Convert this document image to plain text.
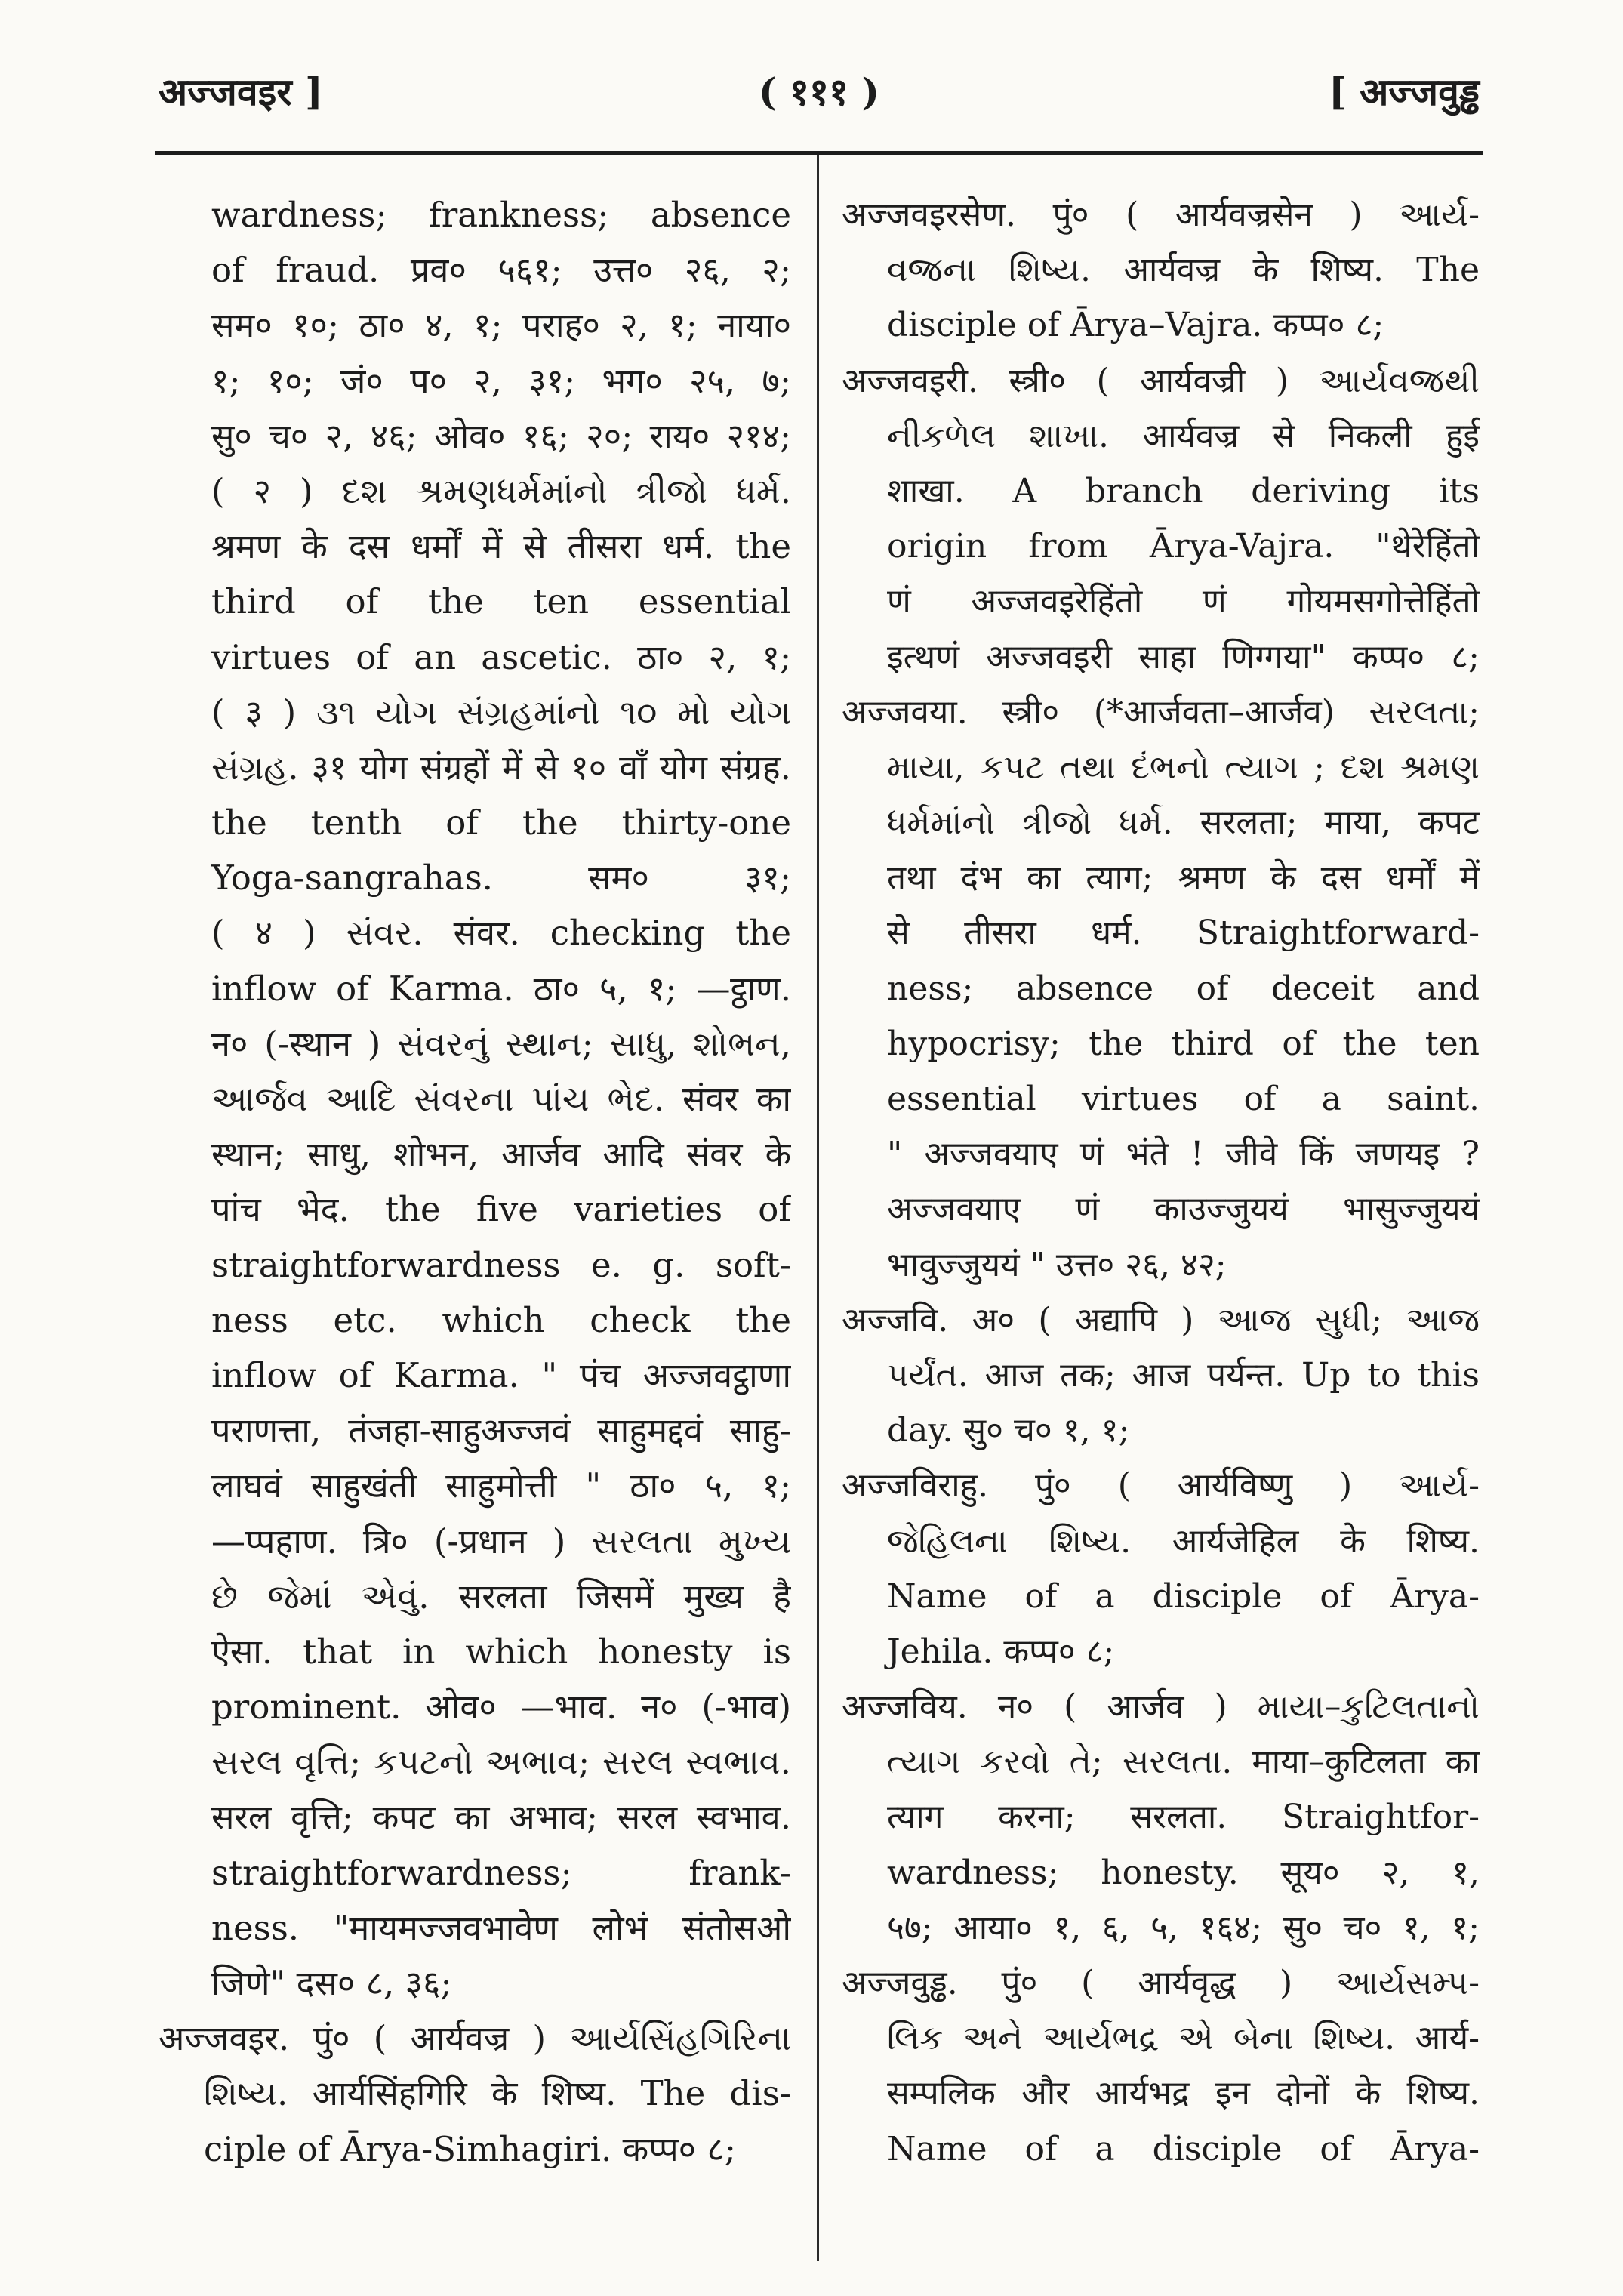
अज्जवइर ]	( १११ )	[ अज्जवुड्ढ
wardness; frankness; absence
of fraud. प्रव० ५६१; उत्त० २६, २;
सम० १०; ठा० ४, १; पराह० २, १; नाया०
१; १०; जं० प० २, ३१; भग० २५, ७;
सु० च० २, ४६; ओव० १६; २०; राय० २१४;
( २ ) દશ શ્રમણધર્મમાંનો ત્રીજો ધર્મ.
श्रमण के दस धर्मों में से तीसरा धर्म. the
third of the ten essential
virtues of an ascetic. ठा० २, १;
( ३ ) ૩૧ યોગ સંગ્રહમાંનો ૧૦ મો યોગ
સંગ્રહ. ३१ योग संग्रहों में से १० वाँ योग संग्रह.
the tenth of the thirty-one
Yoga-sangrahas. सम० ३१;
( ४ ) સંવર. संवर. checking the
inflow of Karma. ठा० ५, १; —ट्ठाण.
न० (-स्थान ) સંવરનું સ્થાન; સાધુ, શોભન,
આર્જવ આદિ સંવરના પાંચ ભેદ. संवर का
स्थान; साधु, शोभन, आर्जव आदि संवर के
पांच भेद. the five varieties of
straightforwardness e. g. soft-
ness etc. which check the
inflow of Karma. " पंच अज्जवट्ठाणा
पराणत्ता, तंजहा-साहुअज्जवं साहुमद्दवं साहु-
लाघवं साहुखंती साहुमोत्ती " ठा० ५, १;
—प्पहाण. त्रि० (-प्रधान ) સરલતા મુખ્ય
છે જેમાં એવું. सरलता जिसमें मुख्य है
ऐसा. that in which honesty is
prominent. ओव० —भाव. न० (-भाव)
સરલ વૃત્તિ; કપટનો અભાવ; સરલ સ્વભાવ.
सरल वृत्ति; कपट का अभाव; सरल स्वभाव.
straightforwardness; frank-
ness. "मायमज्जवभावेण लोभं संतोसओ
जिणे" दस० ८, ३६;
अज्जवइर. पुं० ( आर्यवज्र ) આર્યસિંહગિરિના
શિષ્ય. आर्यसिंहगिरि के शिष्य. The dis-
ciple of Ārya-Simhagiri. कप्प० ८;
अज्जवइरसेण. पुं० ( आर्यवज्रसेन ) આર્ય-
વજ્રના શિષ્ય. आर्यवज्र के शिष्य. The
disciple of Ārya–Vajra. कप्प० ८;
अज्जवइरी. स्त्री० ( आर्यवज्री ) આર્યવજ્રથી
નીકળેલ શાખા. आर्यवज्र से निकली हुई
शाखा. A branch deriving its
origin from Ārya-Vajra. "थेरेहिंतो
णं अज्जवइरेहिंतो णं गोयमसगोत्तेहिंतो
इत्थणं अज्जवइरी साहा णिग्गया" कप्प० ८;
अज्जवया. स्त्री० (*आर्जवता–आर्जव) સરલતા;
માયા, કપટ તથા દંભનો ત્યાગ ; દશ શ્રમણ
ધર્મમાંનો ત્રીજો ધર્મ. सरलता; माया, कपट
तथा दंभ का त्याग; श्रमण के दस धर्मों में
से तीसरा धर्म. Straightforward-
ness; absence of deceit and
hypocrisy; the third of the ten
essential virtues of a saint.
" अज्जवयाए णं भंते ! जीवे किं जणयइ ?
अज्जवयाए णं काउज्जुययं भासुज्जुययं
भावुज्जुययं " उत्त० २६, ४२;
अज्जवि. अ० ( अद्यापि ) આજ સુધી; આજ
પર્યંત. आज तक; आज पर्यन्त. Up to this
day. सु० च० १, १;
अज्जविराहु. पुं० ( आर्यविष्णु ) આર્ય-
જેહિલના શિષ્ય. आर्यजेहिल के शिष्य.
Name of a disciple of Ārya-
Jehila. कप्प० ८;
अज्जविय. न० ( आर्जव ) માયા–કુટિલતાનો
ત્યાગ કરવો તે; સરલતા. माया–कुटिलता का
त्याग करना; सरलता. Straightfor-
wardness; honesty. सूय० २, १,
५७; आया० १, ६, ५, १६४; सु० च० १, १;
अज्जवुड्ढ. पुं० ( आर्यवृद्ध ) આર્યસમ્પ-
લિક અને આર્યભદ્ર એ બેના શિષ્ય. आर्य-
सम्पलिक और आर्यभद्र इन दोनों के शिष्य.
Name of a disciple of Ārya-
